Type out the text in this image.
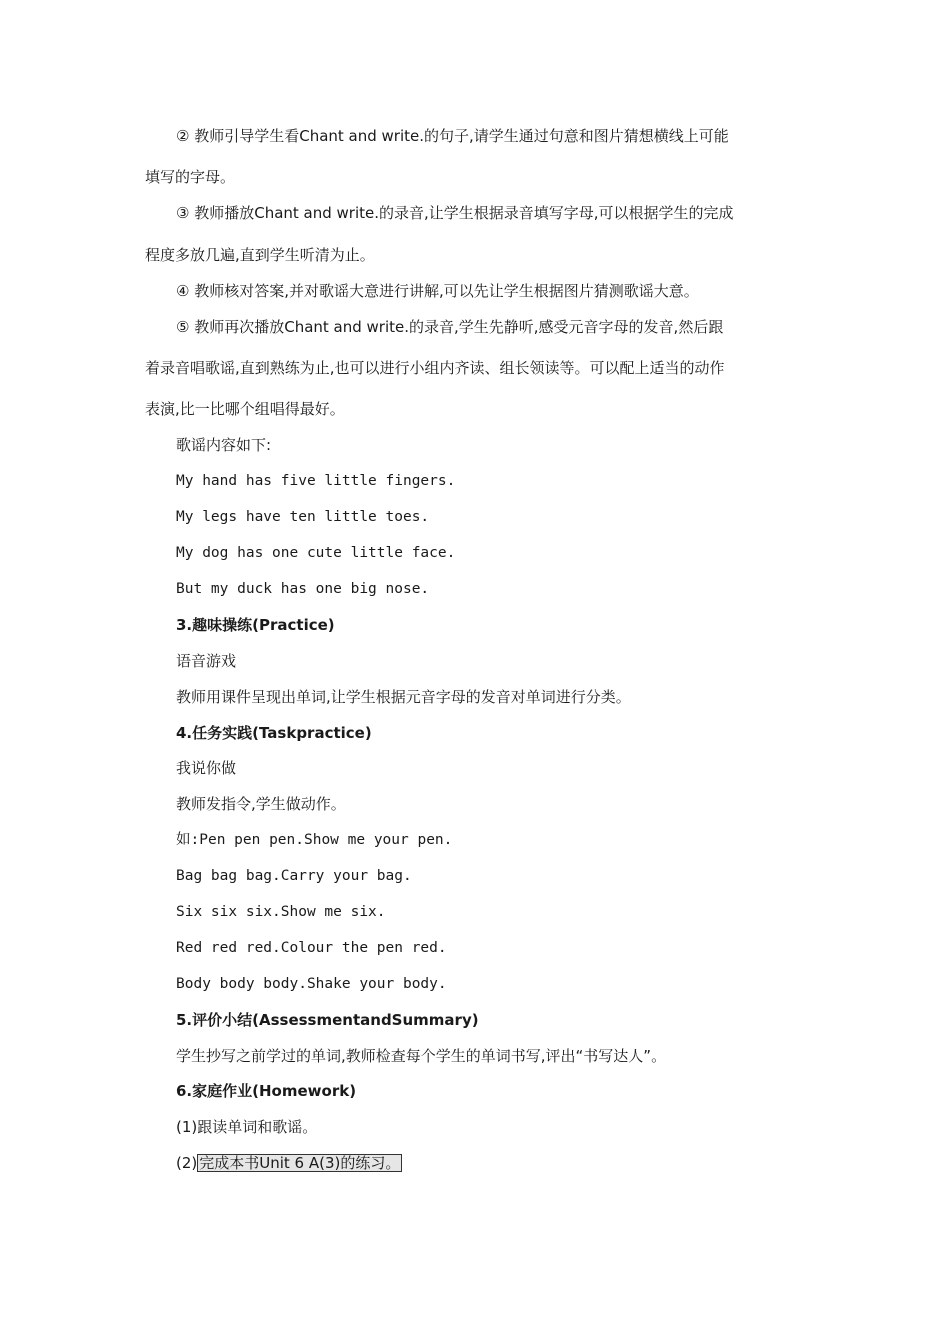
② 教师引导学生看Chant and write.的句子,请学生通过句意和图片猜想横线上可能
填写的字母。
③ 教师播放Chant and write.的录音,让学生根据录音填写字母,可以根据学生的完成
程度多放几遍,直到学生听清为止。
④ 教师核对答案,并对歌谣大意进行讲解,可以先让学生根据图片猜测歌谣大意。
⑤ 教师再次播放Chant and write.的录音,学生先静听,感受元音字母的发音,然后跟
着录音唱歌谣,直到熟练为止,也可以进行小组内齐读、组长领读等。可以配上适当的动作
表演,比一比哪个组唱得最好。
歌谣内容如下:
My hand has five little fingers.
My legs have ten little toes.
My dog has one cute little face.
But my duck has one big nose.
3.趣味操练(Practice)
语音游戏
教师用课件呈现出单词,让学生根据元音字母的发音对单词进行分类。
4.任务实践(Taskpractice)
我说你做
教师发指令,学生做动作。
如:Pen pen pen.Show me your pen.
Bag bag bag.Carry your bag.
Six six six.Show me six.
Red red red.Colour the pen red.
Body body body.Shake your body.
5.评价小结(AssessmentandSummary)
学生抄写之前学过的单词,教师检查每个学生的单词书写,评出“书写达人”。
6.家庭作业(Homework)
(1)跟读单词和歌谣。
(2) 完成本书Unit 6 A(3)的练习。
